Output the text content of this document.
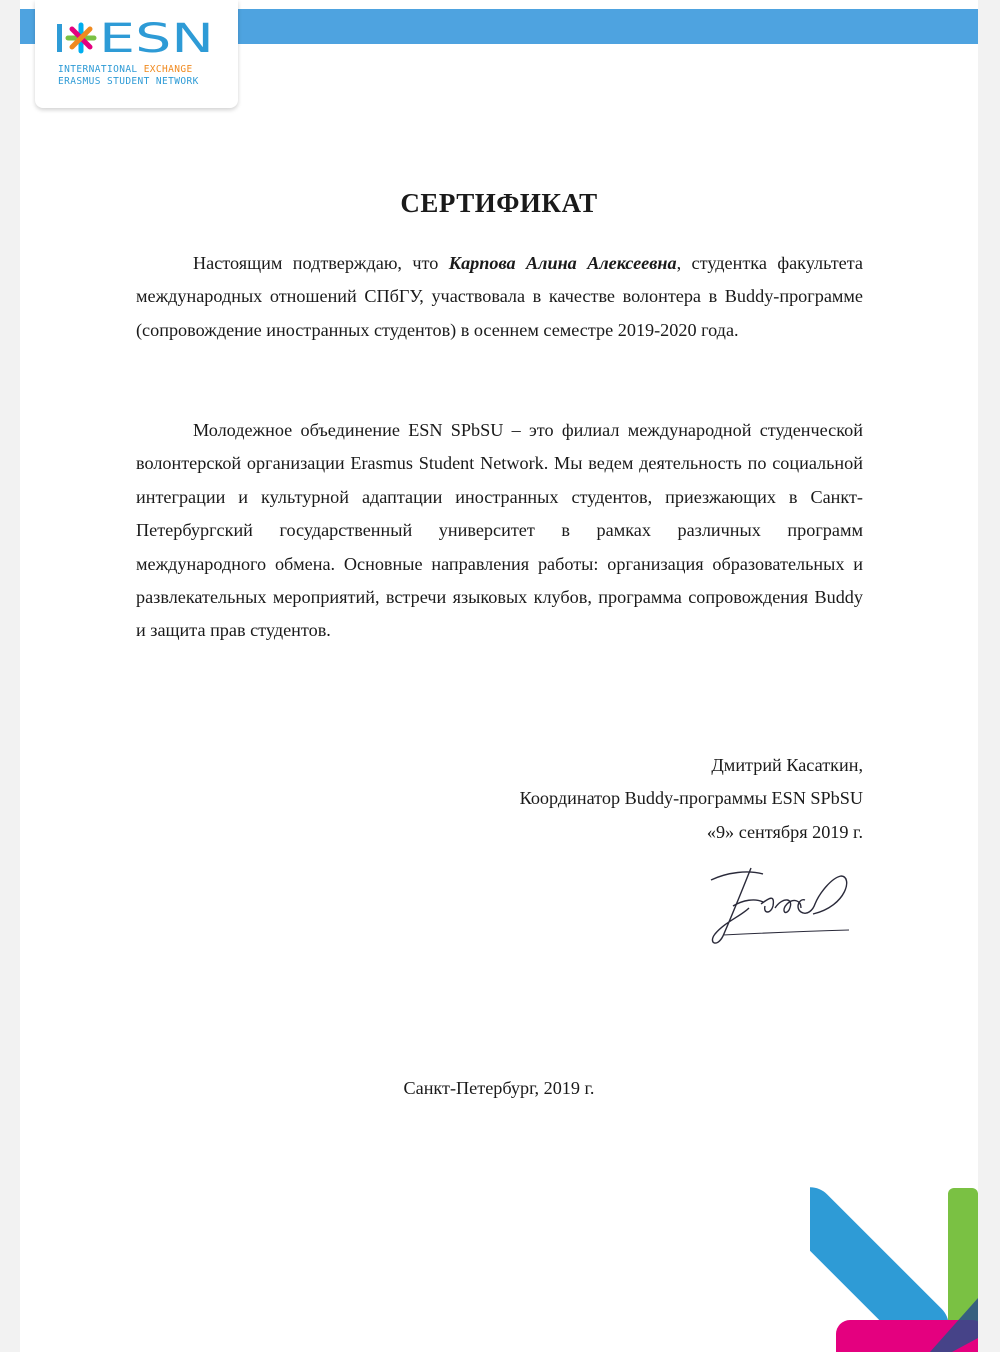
ESN
INTERNATIONAL EXCHANGE
ERASMUS STUDENT NETWORK
СЕРТИФИКАТ

Настоящим подтверждаю, что Карпова Алина Алексеевна, студентка факультета международных отношений СПбГУ, участвовала в качестве волонтера в Buddy-программе (сопровождение иностранных студентов) в осеннем семестре 2019-2020 года.

Молодежное объединение ESN SPbSU – это филиал международной студенческой волонтерской организации Erasmus Student Network. Мы ведем деятельность по социальной интеграции и культурной адаптации иностранных студентов, приезжающих в Санкт-Петербургский государственный университет в рамках различных программ международного обмена. Основные направления работы: организация образовательных и развлекательных мероприятий, встречи языковых клубов, программа сопровождения Buddy и защита прав студентов.

Дмитрий Касаткин,
Координатор Buddy-программы ESN SPbSU
«9» сентября 2019 г.
Санкт-Петербург, 2019 г.
